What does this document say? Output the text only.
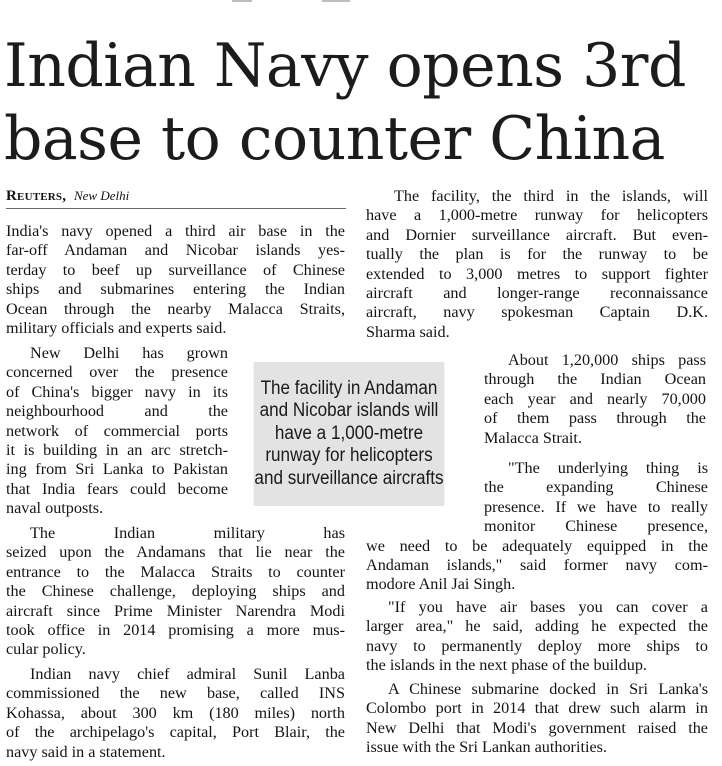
Indian Navy opens 3rd
base to counter China
Reuters, New Delhi

India's navy opened a third air base in the
far-off Andaman and Nicobar islands yes-
terday to beef up surveillance of Chinese
ships and submarines entering the Indian
Ocean through the nearby Malacca Straits,
military officials and experts said.

New Delhi has grown
concerned over the presence
of China's bigger navy in its
neighbourhood and the
network of commercial ports
it is building in an arc stretch-
ing from Sri Lanka to Pakistan
that India fears could become
naval outposts.

The Indian military has
seized upon the Andamans that lie near the
entrance to the Malacca Straits to counter
the Chinese challenge, deploying ships and
aircraft since Prime Minister Narendra Modi
took office in 2014 promising a more mus-
cular policy.

Indian navy chief admiral Sunil Lanba
commissioned the new base, called INS
Kohassa, about 300 km (180 miles) north
of the archipelago's capital, Port Blair, the
navy said in a statement.

The facility in Andaman
and Nicobar islands will
have a 1,000-metre
runway for helicopters
and surveillance aircrafts

The facility, the third in the islands, will
have a 1,000-metre runway for helicopters
and Dornier surveillance aircraft. But even-
tually the plan is for the runway to be
extended to 3,000 metres to support fighter
aircraft and longer-range reconnaissance
aircraft, navy spokesman Captain D.K.
Sharma said.

About 1,20,000 ships pass
through the Indian Ocean
each year and nearly 70,000
of them pass through the
Malacca Strait.

"The underlying thing is
the expanding Chinese
presence. If we have to really
monitor Chinese presence,
we need to be adequately equipped in the
Andaman islands," said former navy com-
modore Anil Jai Singh.

"If you have air bases you can cover a
larger area," he said, adding he expected the
navy to permanently deploy more ships to
the islands in the next phase of the buildup.

A Chinese submarine docked in Sri Lanka's
Colombo port in 2014 that drew such alarm in
New Delhi that Modi's government raised the
issue with the Sri Lankan authorities.
